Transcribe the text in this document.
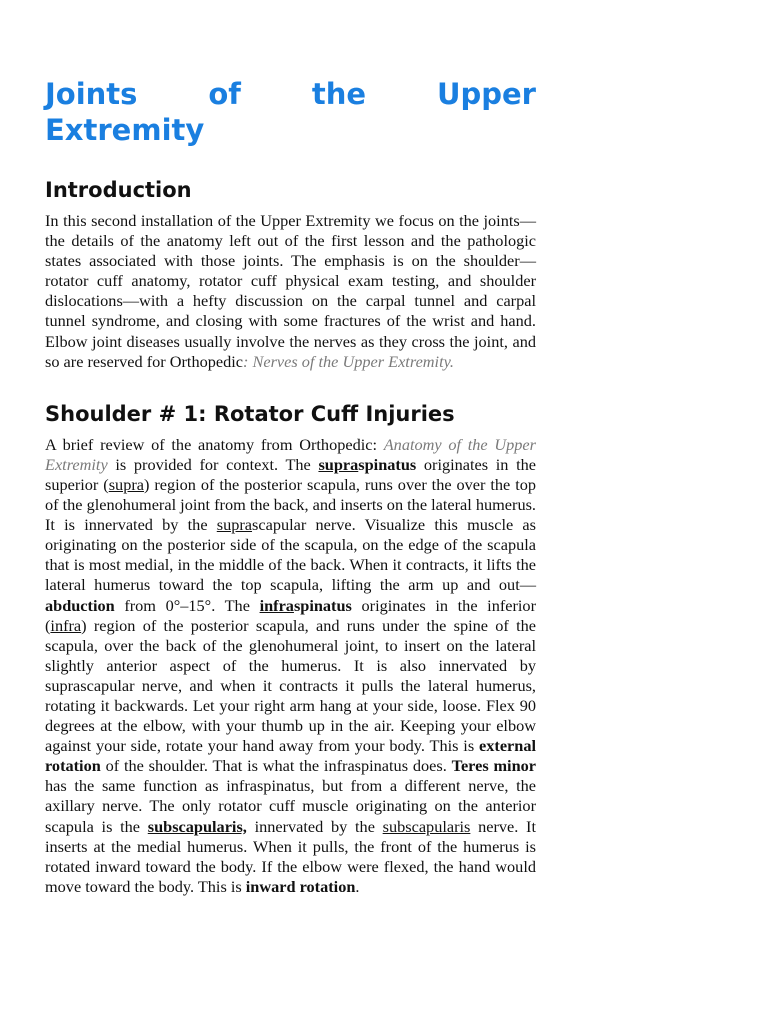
Joints of the Upper
Extremity
Introduction

In this second installation of the Upper Extremity we focus on the joints—the details of the anatomy left out of the first lesson and the pathologic states associated with those joints. The emphasis is on the shoulder—rotator cuff anatomy, rotator cuff physical exam testing, and shoulder dislocations—with a hefty discussion on the carpal tunnel and carpal tunnel syndrome, and closing with some fractures of the wrist and hand. Elbow joint diseases usually involve the nerves as they cross the joint, and so are reserved for Orthopedic: Nerves of the Upper Extremity.

Shoulder # 1: Rotator Cuff Injuries

A brief review of the anatomy from Orthopedic: Anatomy of the Upper Extremity is provided for context. The supraspinatus originates in the superior (supra) region of the posterior scapula, runs over the over the top of the glenohumeral joint from the back, and inserts on the lateral humerus. It is innervated by the suprascapular nerve. Visualize this muscle as originating on the posterior side of the scapula, on the edge of the scapula that is most medial, in the middle of the back. When it contracts, it lifts the lateral humerus toward the top scapula, lifting the arm up and out—abduction from 0°–15°. The infraspinatus originates in the inferior (infra) region of the posterior scapula, and runs under the spine of the scapula, over the back of the glenohumeral joint, to insert on the lateral slightly anterior aspect of the humerus. It is also innervated by suprascapular nerve, and when it contracts it pulls the lateral humerus, rotating it backwards. Let your right arm hang at your side, loose. Flex 90 degrees at the elbow, with your thumb up in the air. Keeping your elbow against your side, rotate your hand away from your body. This is external rotation of the shoulder. That is what the infraspinatus does. Teres minor has the same function as infraspinatus, but from a different nerve, the axillary nerve. The only rotator cuff muscle originating on the anterior scapula is the subscapularis, innervated by the subscapularis nerve. It inserts at the medial humerus. When it pulls, the front of the humerus is rotated inward toward the body. If the elbow were flexed, the hand would move toward the body. This is inward rotation.
